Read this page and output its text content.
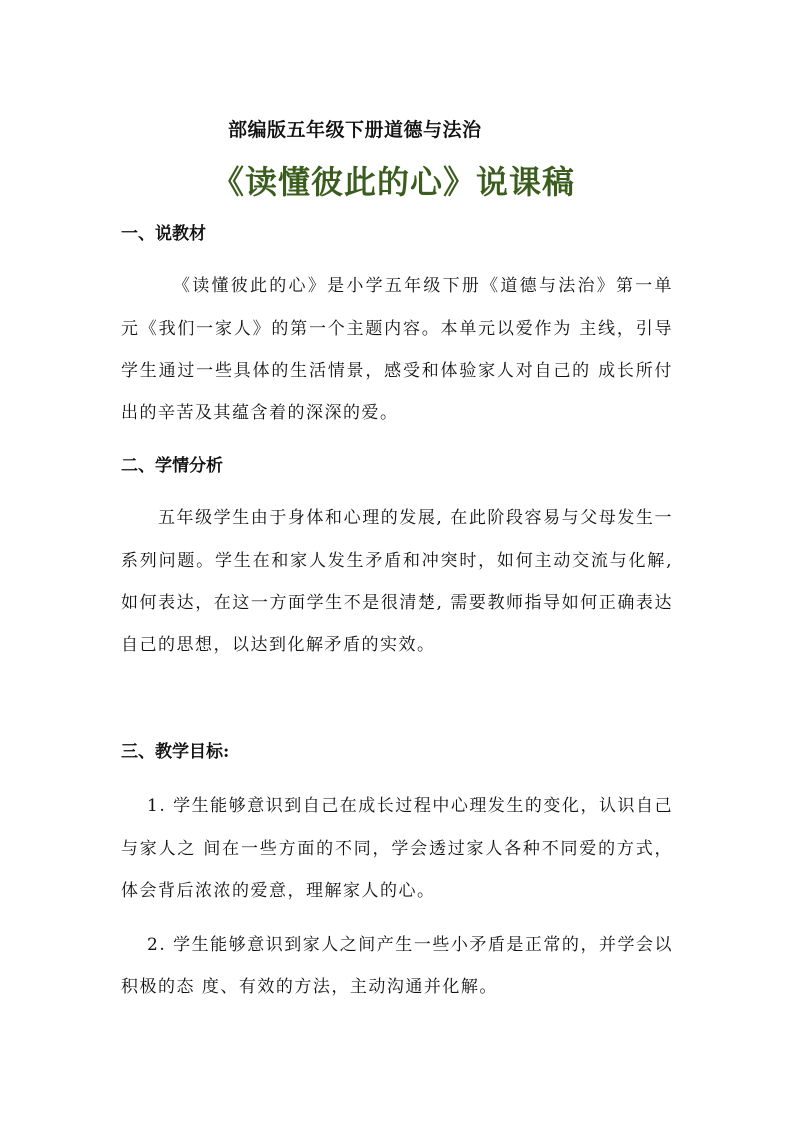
部编版五年级下册道德与法治
《读懂彼此的心》说课稿
一、说教材
《读懂彼此的心》是小学五年级下册《道德与法治》第一单
元《我们一家人》的第一个主题内容。本单元以爱作为 主线，引导
学生通过一些具体的生活情景，感受和体验家人对自己的 成长所付
出的辛苦及其蕴含着的深深的爱。
二、学情分析
五年级学生由于身体和心理的发展, 在此阶段容易与父母发生一
系列问题。学生在和家人发生矛盾和冲突时，如何主动交流与化解,
如何表达，在这一方面学生不是很清楚, 需要教师指导如何正确表达
自己的思想，以达到化解矛盾的实效。
三、教学目标:
1. 学生能够意识到自己在成长过程中心理发生的变化，认识自己
与家人之 间在一些方面的不同，学会透过家人各种不同爱的方式，
体会背后浓浓的爱意，理解家人的心。
2. 学生能够意识到家人之间产生一些小矛盾是正常的，并学会以
积极的态 度、有效的方法，主动沟通并化解。
